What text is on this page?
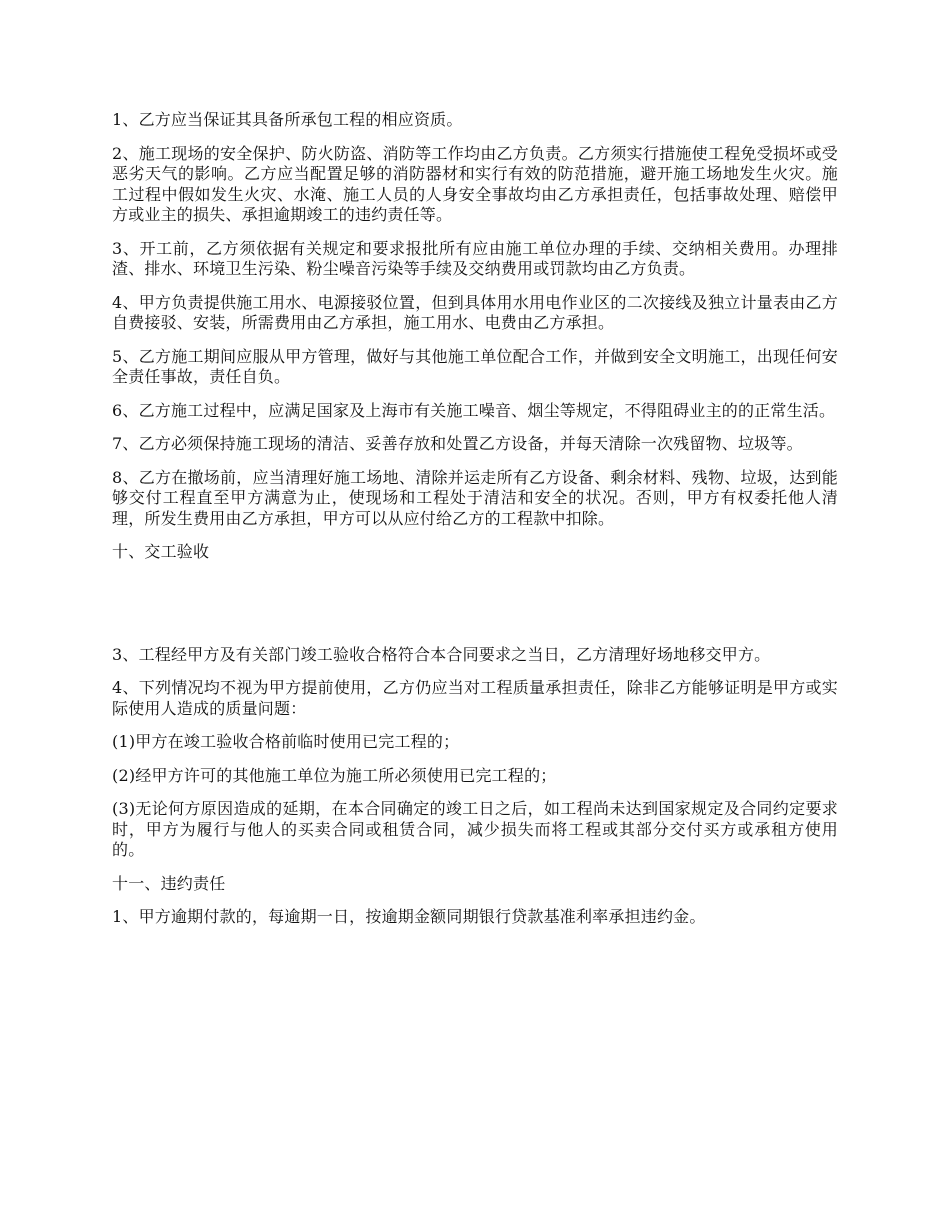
1、乙方应当保证其具备所承包工程的相应资质。

2、施工现场的安全保护、防火防盗、消防等工作均由乙方负责。乙方须实行措施使工程免受损坏或受恶劣天气的影响。乙方应当配置足够的消防器材和实行有效的防范措施，避开施工场地发生火灾。施工过程中假如发生火灾、水淹、施工人员的人身安全事故均由乙方承担责任，包括事故处理、赔偿甲方或业主的损失、承担逾期竣工的违约责任等。

3、开工前，乙方须依据有关规定和要求报批所有应由施工单位办理的手续、交纳相关费用。办理排渣、排水、环境卫生污染、粉尘噪音污染等手续及交纳费用或罚款均由乙方负责。

4、甲方负责提供施工用水、电源接驳位置，但到具体用水用电作业区的二次接线及独立计量表由乙方自费接驳、安装，所需费用由乙方承担，施工用水、电费由乙方承担。

5、乙方施工期间应服从甲方管理，做好与其他施工单位配合工作，并做到安全文明施工，出现任何安全责任事故，责任自负。

6、乙方施工过程中，应满足国家及上海市有关施工噪音、烟尘等规定，不得阻碍业主的的正常生活。

7、乙方必须保持施工现场的清洁、妥善存放和处置乙方设备，并每天清除一次残留物、垃圾等。

8、乙方在撤场前，应当清理好施工场地、清除并运走所有乙方设备、剩余材料、残物、垃圾，达到能够交付工程直至甲方满意为止，使现场和工程处于清洁和安全的状况。否则，甲方有权委托他人清理，所发生费用由乙方承担，甲方可以从应付给乙方的工程款中扣除。

十、交工验收

3、工程经甲方及有关部门竣工验收合格符合本合同要求之当日，乙方清理好场地移交甲方。

4、下列情况均不视为甲方提前使用，乙方仍应当对工程质量承担责任，除非乙方能够证明是甲方或实际使用人造成的质量问题：

(1)甲方在竣工验收合格前临时使用已完工程的；

(2)经甲方许可的其他施工单位为施工所必须使用已完工程的；

(3)无论何方原因造成的延期，在本合同确定的竣工日之后，如工程尚未达到国家规定及合同约定要求时，甲方为履行与他人的买卖合同或租赁合同，减少损失而将工程或其部分交付买方或承租方使用的。

十一、违约责任

1、甲方逾期付款的，每逾期一日，按逾期金额同期银行贷款基准利率承担违约金。
